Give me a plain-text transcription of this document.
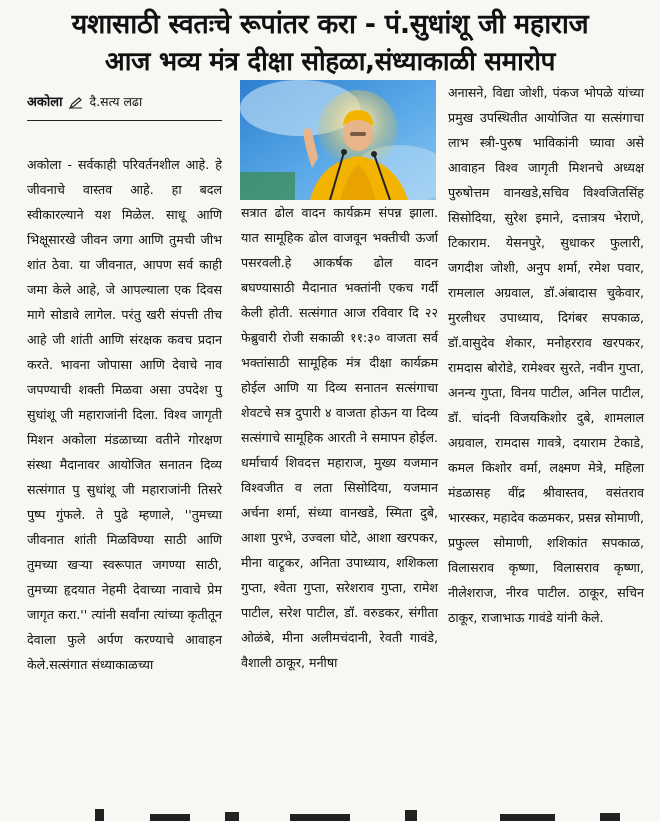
यशासाठी स्वतःचे रूपांतर करा - पं.सुधांशू जी महाराज
आज भव्य मंत्र दीक्षा सोहळा,संध्याकाळी समारोप
अकोला दै.सत्य लढा
अकोला - सर्वकाही परिवर्तनशील आहे. हे जीवनाचे वास्तव आहे. हा बदल स्वीकारल्याने यश मिळेल. साधू आणि भिक्षूसारखे जीवन जगा आणि तुमची जीभ शांत ठेवा. या जीवनात, आपण सर्व काही जमा केले आहे, जे आपल्याला एक दिवस मागे सोडावे लागेल. परंतु खरी संपत्ती तीच आहे जी शांती आणि संरक्षक कवच प्रदान करते. भावना जोपासा आणि देवाचे नाव जपण्याची शक्ती मिळवा असा उपदेश पु सुधांशू जी महाराजांनी दिला. विश्व जागृती मिशन अकोला मंडळाच्या वतीने गोरक्षण संस्था मैदानावर आयोजित सनातन दिव्य सत्संगात पु सुधांशू जी महाराजांनी तिसरे पुष्प गुंफले. ते पुढे म्हणाले, ''तुमच्या जीवनात शांती मिळविण्या साठी आणि तुमच्या खऱ्या स्वरूपात जगण्या साठी, तुमच्या हृदयात नेहमी देवाच्या नावाचे प्रेम जागृत करा.'' त्यांनी सर्वांना त्यांच्या कृतीतून देवाला फुले अर्पण करण्याचे आवाहन केले.सत्संगात संध्याकाळच्या
सत्रात ढोल वादन कार्यक्रम संपन्न झाला. यात सामूहिक ढोल वाजवून भक्तीची ऊर्जा पसरवली.हे आकर्षक ढोल वादन बघण्यासाठी मैदानात भक्तांनी एकच गर्दी केली होती. सत्संगात आज रविवार दि २२ फेब्रुवारी रोजी सकाळी ११:३० वाजता सर्व भक्तांसाठी सामूहिक मंत्र दीक्षा कार्यक्रम होईल आणि या दिव्य सनातन सत्संगाचा शेवटचे सत्र दुपारी ४ वाजता होऊन या दिव्य सत्संगाचे सामूहिक आरती ने समापन होईल. धर्माचार्य शिवदत्त महाराज, मुख्य यजमान विश्वजीत व लता सिसोदिया, यजमान अर्चना शर्मा, संध्या वानखडे, स्मिता दुबे, आशा पुरभे, उज्वला घोटे, आशा खरपकर, मीना वाट्रूकर, अनिता उपाध्याय, शशिकला गुप्ता, श्वेता गुप्ता, सरेशराव गुप्ता, रामेश पाटील, सरेश पाटील, डॉ. वरुडकर, संगीता ओळंबे, मीना अलीमचंदानी, रेवती गावंडे, वैशाली ठाकूर, मनीषा
अनासने, विद्या जोशी, पंकज भोपळे यांच्या प्रमुख उपस्थितीत आयोजित या सत्संगाचा लाभ स्त्री-पुरुष भाविकांनी घ्यावा असे आवाहन विश्व जागृती मिशनचे अध्यक्ष पुरुषोत्तम वानखडे,सचिव विश्वजितसिंह सिसोदिया, सुरेश इमाने, दत्तात्रय भेराणे, टिकाराम. येसनपुरे, सुधाकर फुलारी, जगदीश जोशी, अनुप शर्मा, रमेश पवार, रामलाल अग्रवाल, डॉ.अंबादास चुकेवार, मुरलीधर उपाध्याय, दिगंबर सपकाळ, डॉ.वासुदेव शेकार, मनोहरराव खरपकर, रामदास बोरोडे, रामेश्वर सुरते, नवीन गुप्ता, अनन्य गुप्ता, विनय पाटील, अनिल पाटील, डॉ. चांदनी विजयकिशोर दुबे, शामलाल अग्रवाल, रामदास गावत्रे, दयाराम टेकाडे, कमल किशोर वर्मा, लक्ष्मण मेत्रे, महिला मंडळासह वींद्र श्रीवास्तव, वसंतराव भारस्कर, महादेव कळमकर, प्रसन्न सोमाणी, प्रफुल्ल सोमाणी, शशिकांत सपकाळ, विलासराव कृष्णा, विलासराव कृष्णा, नीलेशराज, नीरव पाटील. ठाकूर, सचिन ठाकूर, राजाभाऊ गावंडे यांनी केले.
